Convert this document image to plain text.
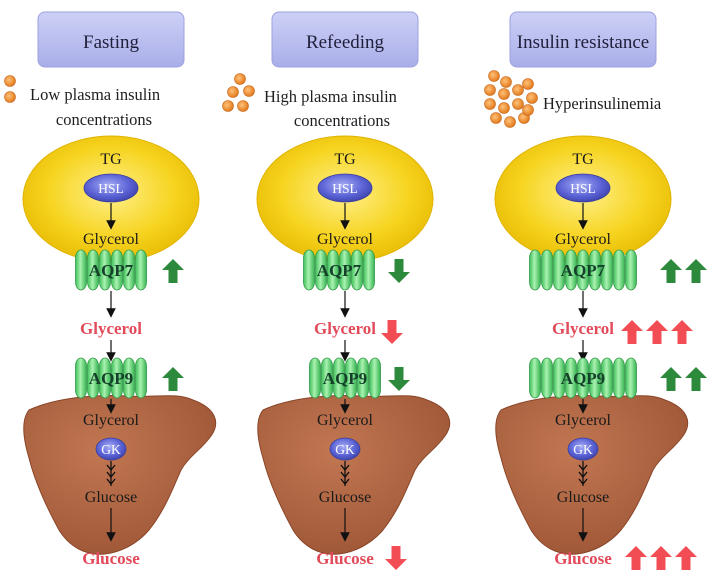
Fasting
Low plasma insulin
concentrations
TG
HSL
Glycerol
AQP7
Glycerol
AQP9
Glycerol
GK
Glucose
Glucose
Refeeding
High plasma insulin
concentrations
TG
HSL
Glycerol
AQP7
Glycerol
AQP9
Glycerol
GK
Glucose
Glucose
Insulin resistance
Hyperinsulinemia
TG
HSL
Glycerol
AQP7
Glycerol
AQP9
Glycerol
GK
Glucose
Glucose
